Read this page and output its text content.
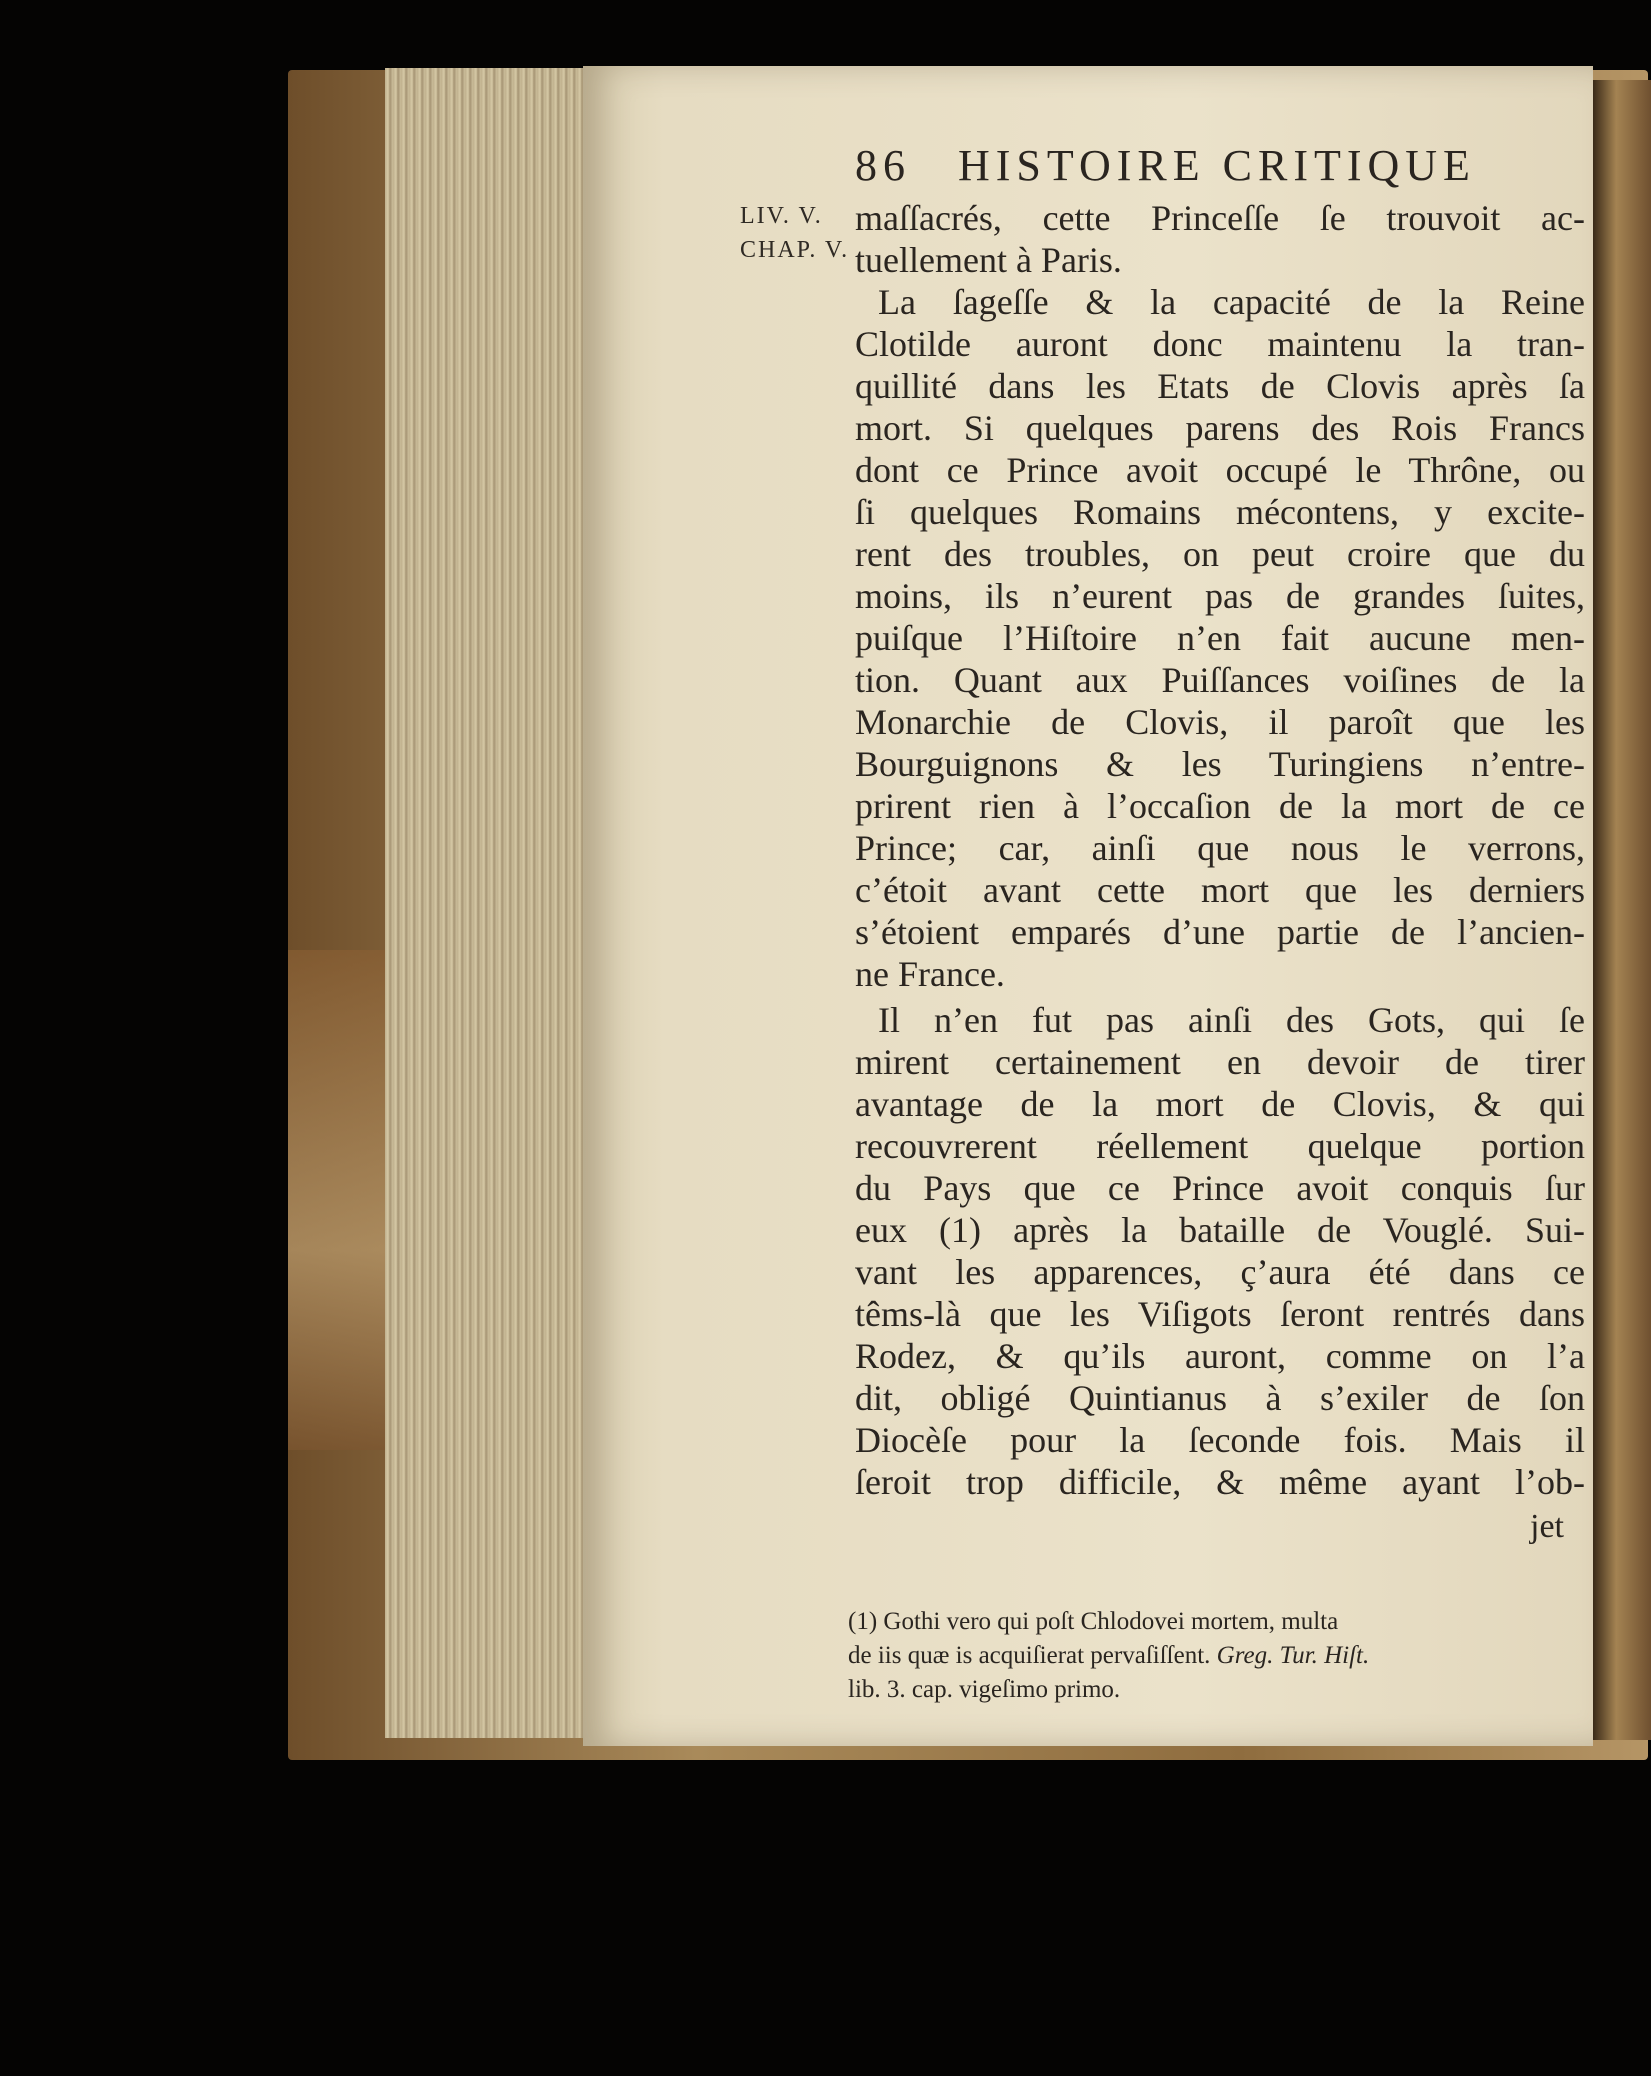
86 HISTOIRE CRITIQUE
LIV. V.
CHAP. V.
maſſacrés, cette Princeſſe ſe trouvoit ac-
tuellement à Paris.
La ſageſſe & la capacité de la Reine
Clotilde auront donc maintenu la tran-
quillité dans les Etats de Clovis après ſa
mort. Si quelques parens des Rois Francs
dont ce Prince avoit occupé le Thrône, ou
ſi quelques Romains mécontens, y excite-
rent des troubles, on peut croire que du
moins, ils n’eurent pas de grandes ſuites,
puiſque l’Hiſtoire n’en fait aucune men-
tion. Quant aux Puiſſances voiſines de la
Monarchie de Clovis, il paroît que les
Bourguignons & les Turingiens n’entre-
prirent rien à l’occaſion de la mort de ce
Prince; car, ainſi que nous le verrons,
c’étoit avant cette mort que les derniers
s’étoient emparés d’une partie de l’ancien-
ne France.
Il n’en fut pas ainſi des Gots, qui ſe
mirent certainement en devoir de tirer
avantage de la mort de Clovis, & qui
recouvrerent réellement quelque portion
du Pays que ce Prince avoit conquis ſur
eux (1) après la bataille de Vouglé. Sui-
vant les apparences, ç’aura été dans ce
têms-là que les Viſigots ſeront rentrés dans
Rodez, & qu’ils auront, comme on l’a
dit, obligé Quintianus à s’exiler de ſon
Diocèſe pour la ſeconde fois. Mais il
ſeroit trop difficile, & même ayant l’ob-
jet
(1) Gothi vero qui poſt Chlodovei mortem, multa
de iis quæ is acquiſierat pervaſiſſent. Greg. Tur. Hiſt.
lib. 3. cap. vigeſimo primo.
